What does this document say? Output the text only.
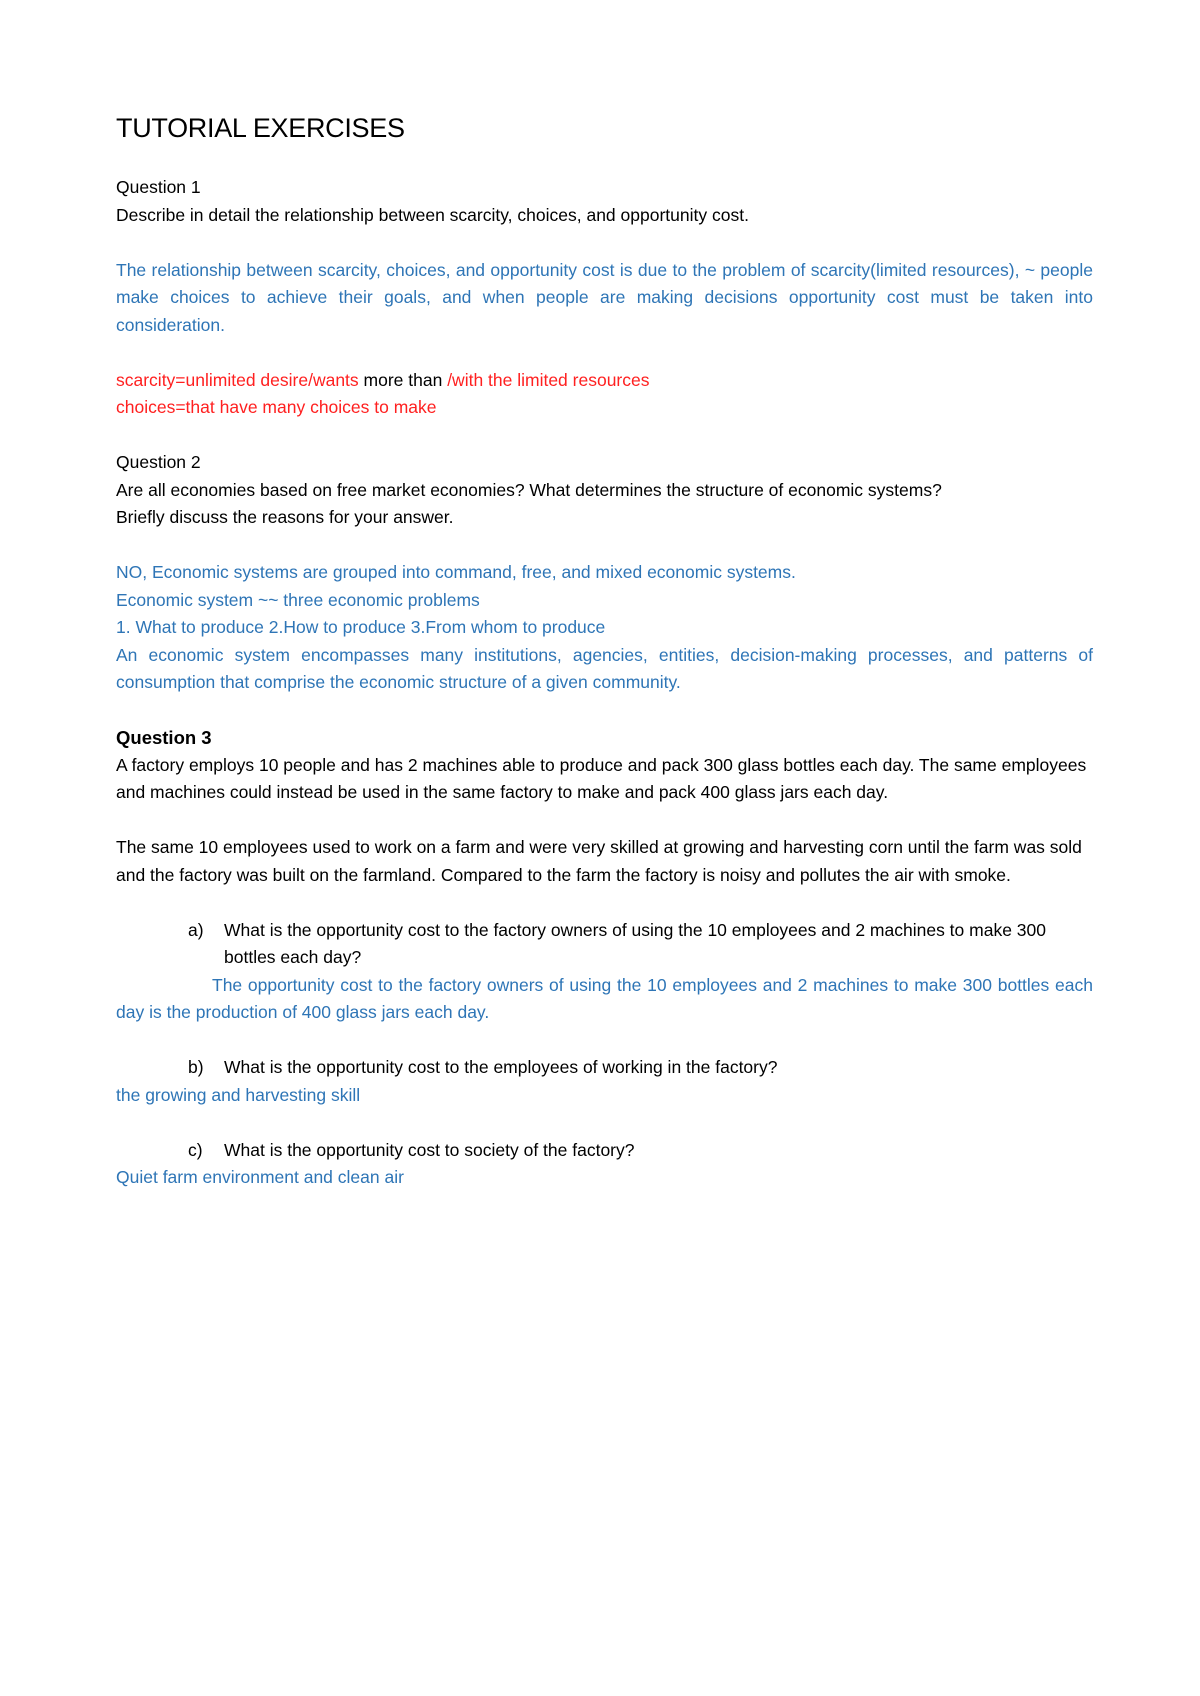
TUTORIAL EXERCISES
Question 1
Describe in detail the relationship between scarcity, choices, and opportunity cost.
The relationship between scarcity, choices, and opportunity cost is due to the problem of scarcity(limited resources), ~ people make choices to achieve their goals, and when people are making decisions opportunity cost must be taken into consideration.
scarcity=unlimited desire/wants more than /with the limited resources
choices=that have many choices to make
Question 2
Are all economies based on free market economies? What determines the structure of economic systems?
Briefly discuss the reasons for your answer.
NO, Economic systems are grouped into command, free, and mixed economic systems.
Economic system ~~ three economic problems
1. What to produce 2.How to produce 3.From whom to produce
An economic system encompasses many institutions, agencies, entities, decision-making processes, and patterns of consumption that comprise the economic structure of a given community.
Question 3
A factory employs 10 people and has 2 machines able to produce and pack 300 glass bottles each day. The same employees and machines could instead be used in the same factory to make and pack 400 glass jars each day.
The same 10 employees used to work on a farm and were very skilled at growing and harvesting corn until the farm was sold and the factory was built on the farmland. Compared to the farm the factory is noisy and pollutes the air with smoke.
a) What is the opportunity cost to the factory owners of using the 10 employees and 2 machines to make 300 bottles each day?
The opportunity cost to the factory owners of using the 10 employees and 2 machines to make 300 bottles each day is the production of 400 glass jars each day.
b) What is the opportunity cost to the employees of working in the factory?
the growing and harvesting skill
c) What is the opportunity cost to society of the factory?
Quiet farm environment and clean air
